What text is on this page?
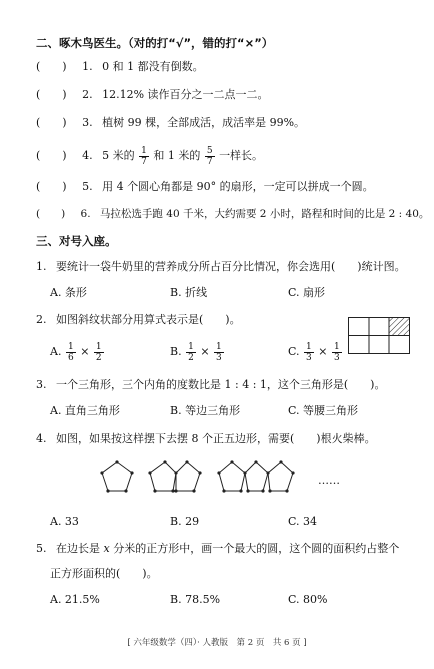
二、啄木鸟医生。（对的打“√”，错的打“×”）
(　　) 1. 0 和 1 都没有倒数。
(　　) 2. 12.12% 读作百分之一二点一二。
(　　) 3. 植树 99 棵，全部成活，成活率是 99%。
(　　) 4. 5 米的 $\frac{1}{7}$ 和 1 米的 $\frac{5}{7}$ 一样长。
(　　) 5. 用 4 个圆心角都是 90° 的扇形，一定可以拼成一个圆。
(　　) 6. 马拉松选手跑 40 千米，大约需要 2 小时，路程和时间的比是 2 : 40。
三、对号入座。
1. 要统计一袋牛奶里的营养成分所占百分比情况，你会选用(　　)统计图。
A. 条形	B. 折线	C. 扇形
2. 如图斜纹状部分用算式表示是(　　)。
A. $\frac{1}{6} \times \frac{1}{2}$	B. $\frac{1}{2} \times \frac{1}{3}$	C. $\frac{1}{3} \times \frac{1}{3}$
3. 一个三角形，三个内角的度数比是 1 : 4 : 1，这个三角形是(　　)。
A. 直角三角形	B. 等边三角形	C. 等腰三角形
4. 如图，如果按这样摆下去摆 8 个正五边形，需要(　　)根火柴棒。
……
A. 33	B. 29	C. 34
5. 在边长是 x 分米的正方形中，画一个最大的圆，这个圆的面积约占整个
正方形面积的(　　)。
A. 21.5%	B. 78.5%	C. 80%
[ 六年级数学（四）· 人教版　第 2 页　共 6 页 ]
